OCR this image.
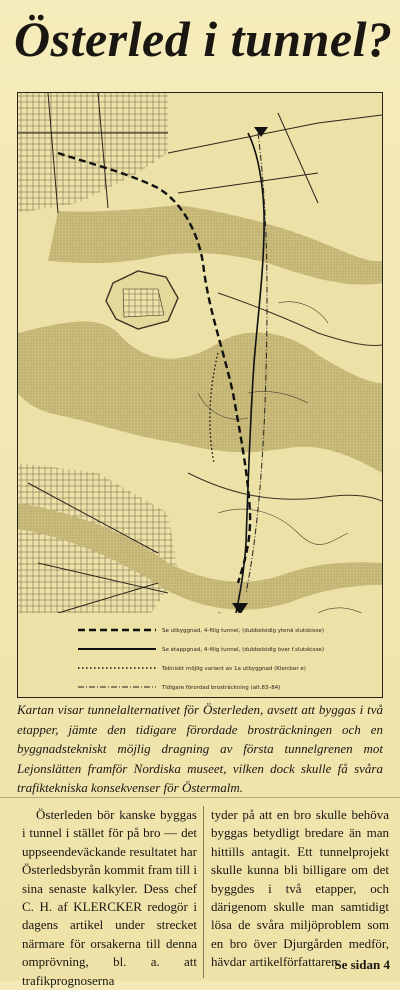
Österled i tunnel?
Se utbyggnad, 4-filig tunnel, (dubbelsidig ytenä slutskisse)
Se etappgnad, 4-filig tunnel, (dubbelsidig över f.slutskisse)
Tekniskt möjlig variant av 1a utbyggnad (Klercker e)
Tidigare förordad brosträckning (alt.83–84)
Kartan visar tunnelalternativet för Österleden, avsett att byggas i två etapper, jämte den tidigare förordade brosträckningen och en byggnadstekniskt möjlig dragning av första tunnelgrenen mot Lejonslätten framför Nordiska museet, vilken dock skulle få svåra trafiktekniska konsekvenser för Östermalm.
Österleden bör kanske byggas i tunnel i stället för på bro — det uppseendeväckande resultatet har Österledsbyrån kommit fram till i sina senaste kalkyler. Dess chef C. H. af KLERCKER redogör i dagens artikel under strecket närmare för orsakerna till denna omprövning, bl. a. att trafikprognoserna
tyder på att en bro skulle behöva byggas betydligt bredare än man hittills antagit. Ett tunnelprojekt skulle kunna bli billigare om det byggdes i två etapper, och därigenom skulle man samtidigt lösa de svåra miljöproblem som en bro över Djurgården medför, hävdar artikelförfattaren.
Se sidan 4
